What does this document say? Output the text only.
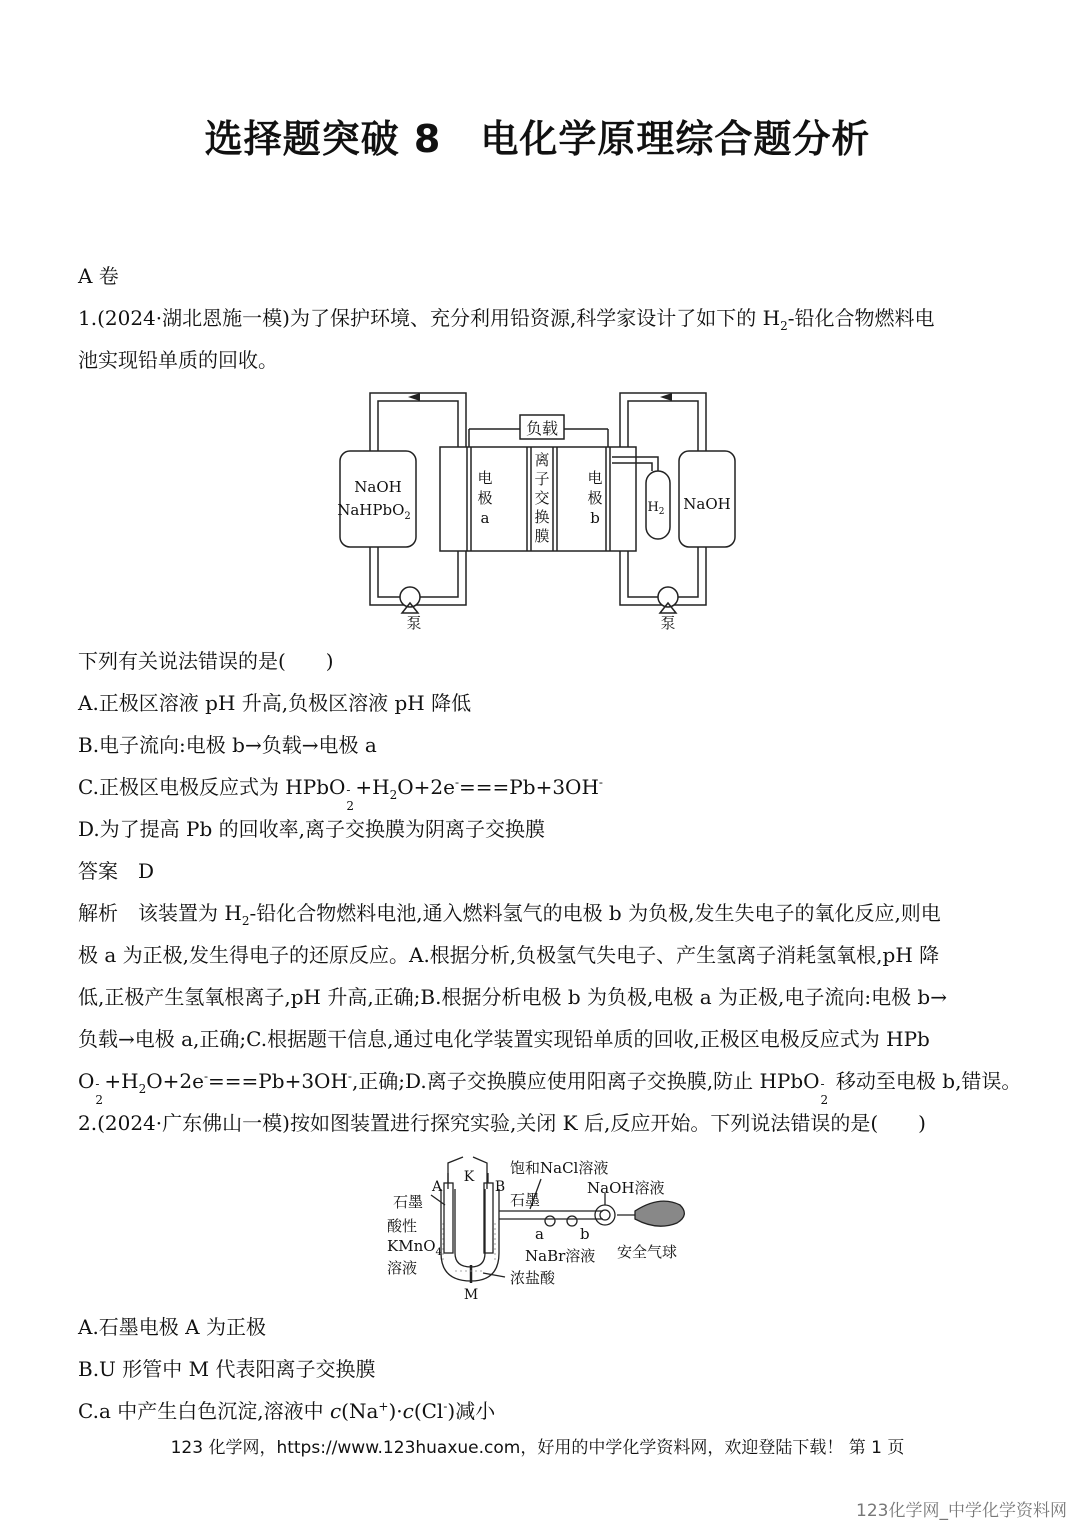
选择题突破 8　电化学原理综合题分析
A 卷
1.(2024·湖北恩施一模)为了保护环境、充分利用铅资源,科学家设计了如下的 $H_2-$铅化合物燃料电
池实现铅单质的回收。
负载
NaOH
NaHPbO$_2$
NaOH
电
极
a
离
子
交
换
膜
电
极
b
$H_2$
泵	泵
下列有关说法错误的是(　　)
A.正极区溶液 pH 升高,负极区溶液 pH 降低
B.电子流向:电极 b→负载→电极 a
C.正极区电极反应式为 HPbO -
2
$+H_2O+2e^-===Pb+3OH^-$
D.为了提高 Pb 的回收率,离子交换膜为阴离子交换膜
答案　D
解析　该装置为 $H_2-$铅化合物燃料电池,通入燃料氢气的电极 b 为负极,发生失电子的氧化反应,则电
极 a 为正极,发生得电子的还原反应。A.根据分析,负极氢气失电子、产生氢离子消耗氢氧根,pH 降
低,正极产生氢氧根离子,pH 升高,正确;B.根据分析电极 b 为负极,电极 a 为正极,电子流向:电极 b→
负载→电极 a,正确;C.根据题干信息,通过电化学装置实现铅单质的回收,正极区电极反应式为 HPb
O -
2
$+H_2O+2e^-===Pb+3OH^-$,正确;D.离子交换膜应使用阳离子交换膜,防止 HPbO -
2
移动至电极 b,错误。
2.(2024·广东佛山一模)按如图装置进行探究实验,关闭 K 后,反应开始。下列说法错误的是(　　)
K
A	B
石墨	石墨
酸性
KMnO$_4$
溶液
饱和NaCl溶液
NaOH溶液
a b
NaBr溶液 安全气球
浓盐酸
M
A.石墨电极 A 为正极
B.U 形管中 M 代表阳离子交换膜
C.a 中产生白色沉淀,溶液中 c(Na+)·c(Cl-)减小
123 化学网，https://www.123huaxue.com，好用的中学化学资料网，欢迎登陆下载！ 第 1 页
123化学网_中学化学资料网
